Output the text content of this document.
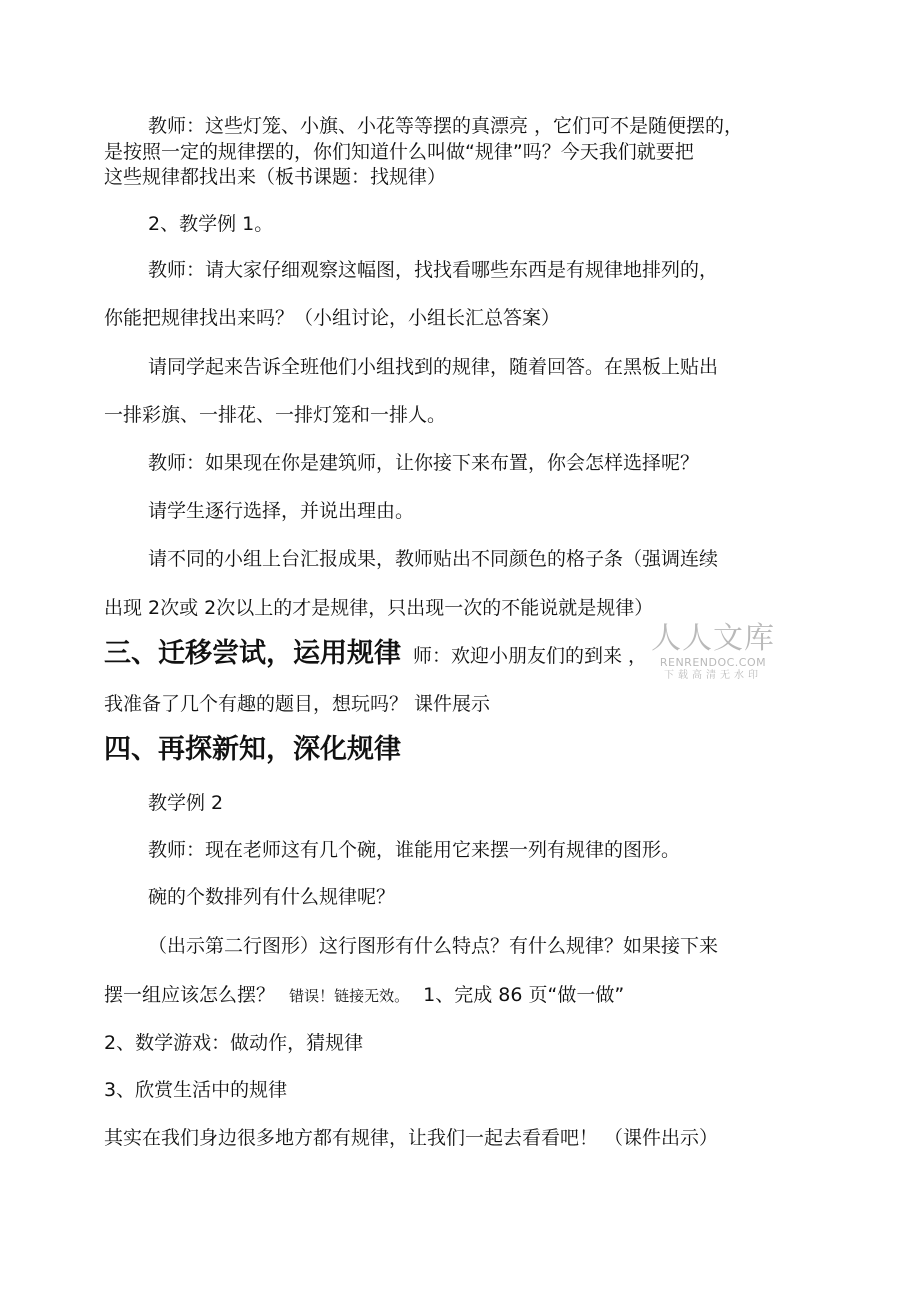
教师：这些灯笼、小旗、小花等等摆的真漂亮 ，它们可不是随便摆的，
是按照一定的规律摆的，你们知道什么叫做“规律”吗？今天我们就要把
这些规律都找出来（板书课题：找规律）
2、教学例 1。
教师：请大家仔细观察这幅图，找找看哪些东西是有规律地排列的，
你能把规律找出来吗？（小组讨论，小组长汇总答案）
请同学起来告诉全班他们小组找到的规律，随着回答。在黑板上贴出
一排彩旗、一排花、一排灯笼和一排人。
教师：如果现在你是建筑师，让你接下来布置，你会怎样选择呢？
请学生逐行选择，并说出理由。
请不同的小组上台汇报成果，教师贴出不同颜色的格子条（强调连续
出现 2次或 2次以上的才是规律，只出现一次的不能说就是规律）
三、迁移尝试，运用规律 师：欢迎小朋友们的到来 ，
我准备了几个有趣的题目，想玩吗？ 课件展示
四、再探新知，深化规律
教学例 2
教师：现在老师这有几个碗，谁能用它来摆一列有规律的图形。
碗的个数排列有什么规律呢？
（出示第二行图形）这行图形有什么特点？有什么规律？如果接下来
摆一组应该怎么摆？ 错误！链接无效。 1、完成 86 页“做一做”
2、数学游戏：做动作，猜规律
3、欣赏生活中的规律
其实在我们身边很多地方都有规律，让我们一起去看看吧！ （课件出示）
人人文库
RENRENDOC.COM
下载高清无水印
